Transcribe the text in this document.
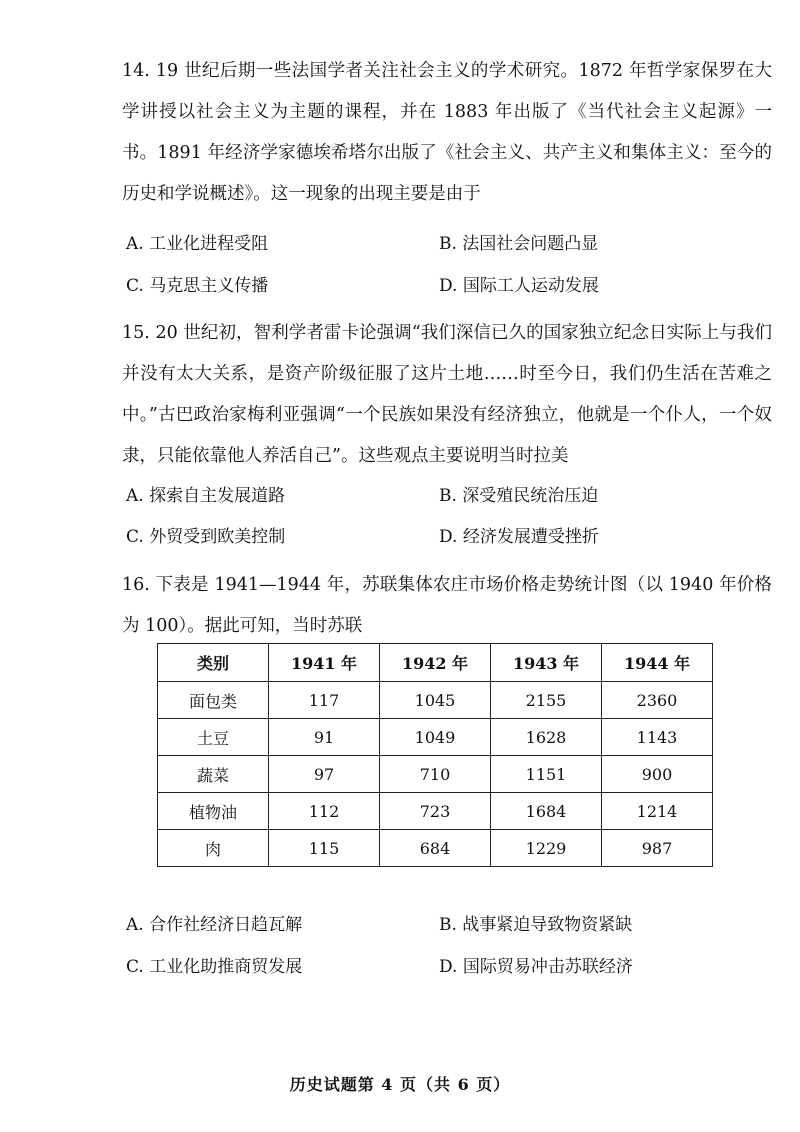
14. 19 世纪后期一些法国学者关注社会主义的学术研究。1872 年哲学家保罗在大学讲授以社会主义为主题的课程，并在 1883 年出版了《当代社会主义起源》一书。1891 年经济学家德埃希塔尔出版了《社会主义、共产主义和集体主义：至今的历史和学说概述》。这一现象的出现主要是由于

A. 工业化进程受阻	B. 法国社会问题凸显
C. 马克思主义传播	D. 国际工人运动发展

15. 20 世纪初，智利学者雷卡论强调“我们深信已久的国家独立纪念日实际上与我们并没有太大关系，是资产阶级征服了这片土地……时至今日，我们仍生活在苦难之中。”古巴政治家梅利亚强调“一个民族如果没有经济独立，他就是一个仆人，一个奴隶，只能依靠他人养活自己”。这些观点主要说明当时拉美

A. 探索自主发展道路	B. 深受殖民统治压迫
C. 外贸受到欧美控制	D. 经济发展遭受挫折

16. 下表是 1941—1944 年，苏联集体农庄市场价格走势统计图（以 1940 年价格为 100）。据此可知，当时苏联

类别	1941 年	1942 年	1943 年	1944 年
面包类	117	1045	2155	2360
土豆	91	1049	1628	1143
蔬菜	97	710	1151	900
植物油	112	723	1684	1214
肉	115	684	1229	987
A. 合作社经济日趋瓦解	B. 战事紧迫导致物资紧缺
C. 工业化助推商贸发展	D. 国际贸易冲击苏联经济
历史试题第 4 页（共 6 页）
